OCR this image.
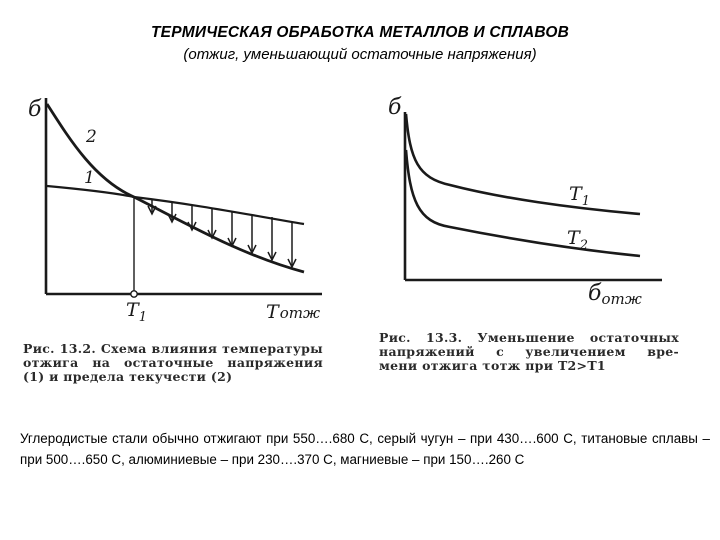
ТЕРМИЧЕСКАЯ ОБРАБОТКА МЕТАЛЛОВ И СПЛАВОВ
(отжиг, уменьшающий остаточные напряжения)
б
2
1
$T_1$	Tотж
б
$T_1$
$T_2$
ботж
Рис. 13.2. Схема влияния температуры
отжига на остаточные напряжения
(1) и предела текучести (2)
Рис. 13.3. Уменьшение остаточных
напряжений с увеличением вре-
мени отжига τотж при T2>T1
Углеродистые стали обычно отжигают при 550….680 С, серый чугун – при 430….600 С, титановые сплавы – при 500….650 С, алюминиевые – при 230….370 С, магниевые – при 150….260 С
